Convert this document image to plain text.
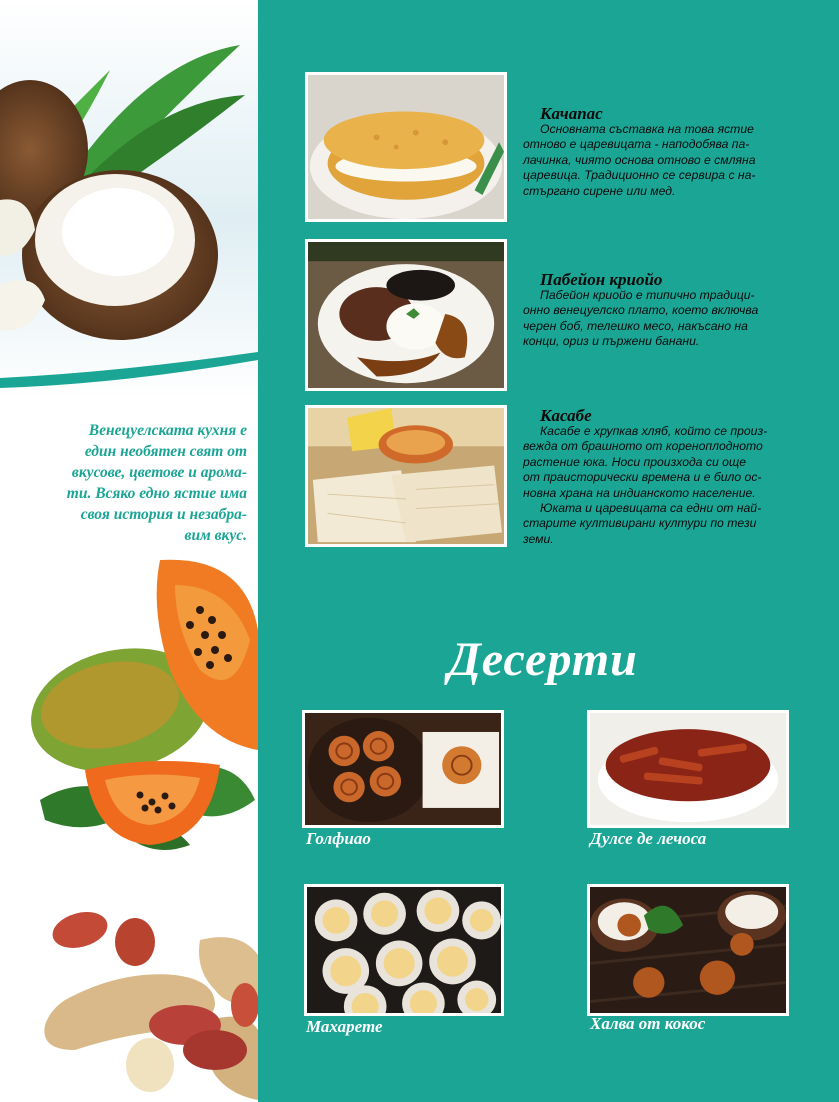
Венецуелската кухня е
един необятен свят от
вкусове, цветове и арома-
ти. Всяко едно ястие има
своя история и незабра-
вим вкус.

Качапас

Основната съставка на това ястие
отново е царевицата - наподобява па-
лачинка, чиято основа отново е смляна
царевица. Традиционно се сервира с на-
стъргано сирене или мед.

Пабейон криойо

Пабейон криойо е типично традици-
онно венецуелско плато, което включва
черен боб, телешко месо, накъсано на
конци, ориз и пържени банани.

Касабе

Касабе е хрупкав хляб, който се произ-
вежда от брашното от кореноплодното
растение юка. Носи произхода си още
от праисторически времена и е било ос-
новна храна на индианското население.
Юката и царевицата са едни от най-
старите култивирани култури по тези
земи.

Десерти
Голфиао	Дулсе де лечоса
Махарете	Халва от кокос
